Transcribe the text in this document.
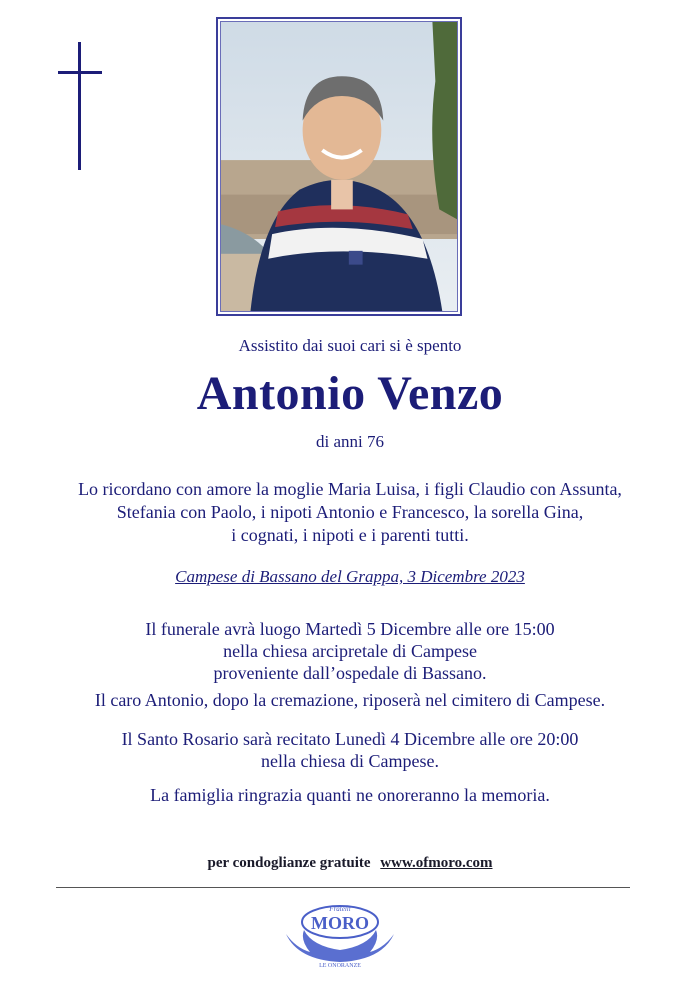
Assistito dai suoi cari si è spento
Antonio Venzo
di anni 76
Lo ricordano con amore la moglie Maria Luisa, i figli Claudio con Assunta,
Stefania con Paolo, i nipoti Antonio e Francesco, la sorella Gina,
i cognati, i nipoti e i parenti tutti.
Campese di Bassano del Grappa, 3 Dicembre 2023
Il funerale avrà luogo Martedì 5 Dicembre alle ore 15:00
nella chiesa arcipretale di Campese
proveniente dall’ospedale di Bassano.
Il caro Antonio, dopo la cremazione, riposerà nel cimitero di Campese.
Il Santo Rosario sarà recitato Lunedì 4 Dicembre alle ore 20:00
nella chiesa di Campese.
La famiglia ringrazia quanti ne onoreranno la memoria.
per condoglianze gratuite www.ofmoro.com
Fratelli
MORO
LE ONORANZE
